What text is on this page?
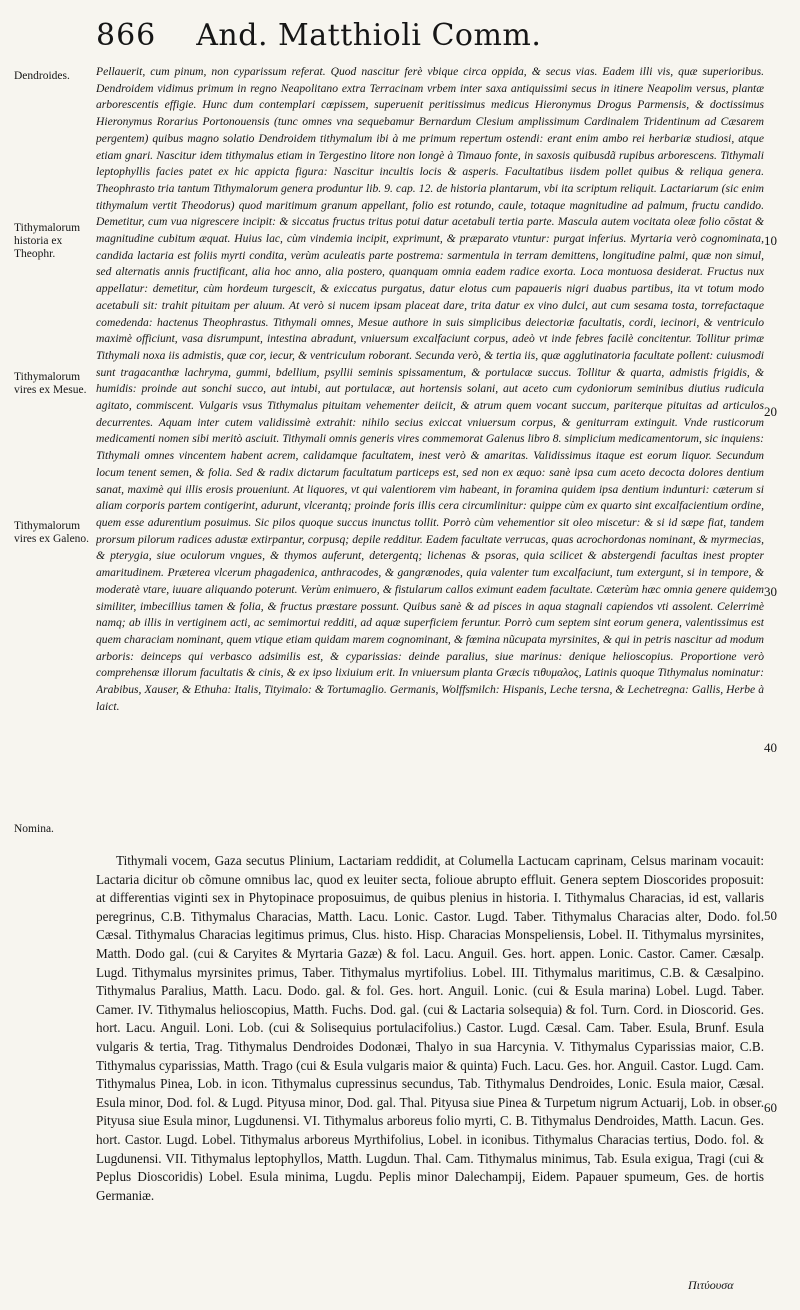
866 And. Matthioli Comm.
Dendroides.
Tithymalorum historia ex Theophr.
Tithymalorum vires ex Mesue.
Tithymalorum vires ex Galeno.
Nomina.

Pellauerit, cum pinum, non cyparissum referat. Quod nascitur ferè vbique circa oppida, & secus vias. Eadem illi vis, quæ superioribus. Dendroidem vidimus primum in regno Neapolitano extra Terracinam vrbem inter saxa antiquissimi secus in itinere Neapolim versus, plantæ arborescentis effigie. Hunc dum contemplari cœpissem, superuenit peritissimus medicus Hieronymus Drogus Parmensis, & doctissimus Hieronymus Rorarius Portonouensis (tunc omnes vna sequebamur Bernardum Clesium amplissimum Cardinalem Tridentinum ad Cæsarem pergentem) quibus magno solatio Dendroidem tithymalum ibi à me primum repertum ostendi: erant enim ambo rei herbariæ studiosi, atque etiam gnari. Nascitur idem tithymalus etiam in Tergestino litore non longè à Timauo fonte, in saxosis quibusdã rupibus arborescens. Tithymali leptophyllis facies patet ex hic appicta figura: Nascitur incultis locis & asperis. Facultatibus iisdem pollet quibus & reliqua genera. Theophrasto tria tantum Tithymalorum genera produntur lib. 9. cap. 12. de historia plantarum, vbi ita scriptum reliquit. Lactariarum (sic enim tithymalum vertit Theodorus) quod maritimum granum appellant, folio est rotundo, caule, totaque magnitudine ad palmum, fructu candido. Demetitur, cum vua nigrescere incipit: & siccatus fructus tritus potui datur acetabuli tertia parte. Mascula autem vocitata oleæ folio cōstat & magnitudine cubitum æquat. Huius lac, cùm vindemia incipit, exprimunt, & præparato vtuntur: purgat inferius. Myrtaria verò cognominata, candida lactaria est foliis myrti condita, verùm aculeatis parte postrema: sarmentula in terram demittens, longitudine palmi, quæ non simul, sed alternatis annis fructificant, alia hoc anno, alia postero, quanquam omnia eadem radice exorta. Loca montuosa desiderat. Fructus nux appellatur: demetitur, cùm hordeum turgescit, & exiccatus purgatus, datur elotus cum papaueris nigri duabus partibus, ita vt totum modo acetabuli sit: trahit pituitam per aluum. At verò si nucem ipsam placeat dare, trita datur ex vino dulci, aut cum sesama tosta, torrefactaque comedenda: hactenus Theophrastus. Tithymali omnes, Mesue authore in suis simplicibus deiectoriæ facultatis, cordi, iecinori, & ventriculo maximè officiunt, vasa disrumpunt, intestina abradunt, vniuersum excalfaciunt corpus, adeò vt inde febres facilè concitentur. Tollitur primæ Tithymali noxa iis admistis, quæ cor, iecur, & ventriculum roborant. Secunda verò, & tertia iis, quæ agglutinatoria facultate pollent: cuiusmodi sunt tragacanthæ lachryma, gummi, bdellium, psyllii seminis spissamentum, & portulacæ succus. Tollitur & quarta, admistis frigidis, & humidis: proinde aut sonchi succo, aut intubi, aut portulacæ, aut hortensis solani, aut aceto cum cydoniorum seminibus diutius rudicula agitato, commiscent. Vulgaris vsus Tithymalus pituitam vehementer deiicit, & atrum quem vocant succum, pariterque pituitas ad articulos decurrentes. Aquam inter cutem validissimè extrahit: nihilo secius exiccat vniuersum corpus, & geniturram extinguit. Vnde rusticorum medicamenti nomen sibi meritò asciuit. Tithymali omnis generis vires commemorat Galenus libro 8. simplicium medicamentorum, sic inquiens: Tithymali omnes vincentem habent acrem, calidamque facultatem, inest verò & amaritas. Validissimus itaque est eorum liquor. Secundum locum tenent semen, & folia. Sed & radix dictarum facultatum particeps est, sed non ex æquo: sanè ipsa cum aceto decocta dolores dentium sanat, maximè qui illis erosis proueniunt. At liquores, vt qui valentiorem vim habeant, in foramina quidem ipsa dentium indunturi: cæterum si aliam corporis partem contigerint, adurunt, vlcerantq; proinde foris illis cera circumlinitur: quippe cùm ex quarto sint excalfacientium ordine, quem esse adurentium posuimus. Sic pilos quoque succus inunctus tollit. Porrò cùm vehementior sit oleo miscetur: & si id sæpe fiat, tandem prorsum pilorum radices adustæ extirpantur, corpusq; depile redditur. Eadem facultate verrucas, quas acrochordonas nominant, & myrmecias, & pterygia, siue oculorum vngues, & thymos auferunt, detergentq; lichenas & psoras, quia scilicet & abstergendi facultas inest propter amaritudinem. Præterea vlcerum phagadenica, anthracodes, & gangrænodes, quia valenter tum excalfaciunt, tum extergunt, si in tempore, & moderatè vtare, iuuare aliquando poterunt. Verùm enimuero, & fistularum callos eximunt eadem facultate. Cæterùm hæc omnia genere quidem similiter, imbecillius tamen & folia, & fructus præstare possunt. Quibus sanè & ad pisces in aqua stagnali capiendos vti assolent. Celerrimè namq; ab illis in vertiginem acti, ac semimortui redditi, ad aquæ superficiem feruntur. Porrò cum septem sint eorum genera, valentissimus est quem characiam nominant, quem vtique etiam quidam marem cognominant, & fœmina nũcupata myrsinites, & qui in petris nascitur ad modum arboris: deinceps qui verbasco adsimilis est, & cyparissias: deinde paralius, siue marinus: denique helioscopius. Proportione verò comprehensæ illorum facultatis & cinis, & ex ipso lixiuium erit. In vniuersum planta Græcis τιθυμαλος, Latinis quoque Tithymalus nominatur: Arabibus, Xauser, & Ethuha: Italis, Tityimalo: & Tortumaglio. Germanis, Wolffsmilch: Hispanis, Leche tersna, & Lechetregna: Gallis, Herbe à laict.

10
20
30
40
50
60

Tithymali vocem, Gaza secutus Plinium, Lactariam reddidit, at Columella Lactucam caprinam, Celsus marinam vocauit: Lactaria dicitur ob cõmune omnibus lac, quod ex leuiter secta, folioue abrupto effluit. Genera septem Dioscorides proposuit: at differentias viginti sex in Phytopinace proposuimus, de quibus plenius in historia. I. Tithymalus Characias, id est, vallaris peregrinus, C.B. Tithymalus Characias, Matth. Lacu. Lonic. Castor. Lugd. Taber. Tithymalus Characias alter, Dodo. fol. Cæsal. Tithymalus Characias legitimus primus, Clus. histo. Hisp. Characias Monspeliensis, Lobel. II. Tithymalus myrsinites, Matth. Dodo gal. (cui & Caryites & Myrtaria Gazæ) & fol. Lacu. Anguil. Ges. hort. appen. Lonic. Castor. Camer. Cæsalp. Lugd. Tithymalus myrsinites primus, Taber. Tithymalus myrtifolius. Lobel. III. Tithymalus maritimus, C.B. & Cæsalpino. Tithymalus Paralius, Matth. Lacu. Dodo. gal. & fol. Ges. hort. Anguil. Lonic. (cui & Esula marina) Lobel. Lugd. Taber. Camer. IV. Tithymalus helioscopius, Matth. Fuchs. Dod. gal. (cui & Lactaria solsequia) & fol. Turn. Cord. in Dioscorid. Ges. hort. Lacu. Anguil. Loni. Lob. (cui & Solisequius portulacifolius.) Castor. Lugd. Cæsal. Cam. Taber. Esula, Brunf. Esula vulgaris & tertia, Trag. Tithymalus Dendroides Dodonæi, Thalyo in sua Harcynia. V. Tithymalus Cyparissias maior, C.B. Tithymalus cyparissias, Matth. Trago (cui & Esula vulgaris maior & quinta) Fuch. Lacu. Ges. hor. Anguil. Castor. Lugd. Cam. Tithymalus Pinea, Lob. in icon. Tithymalus cupressinus secundus, Tab. Tithymalus Dendroides, Lonic. Esula maior, Cæsal. Esula minor, Dod. fol. & Lugd. Pityusa minor, Dod. gal. Thal. Pityusa siue Pinea & Turpetum nigrum Actuarij, Lob. in obser. Pityusa siue Esula minor, Lugdunensi. VI. Tithymalus arboreus folio myrti, C. B. Tithymalus Dendroides, Matth. Lacun. Ges. hort. Castor. Lugd. Lobel. Tithymalus arboreus Myrthifolius, Lobel. in iconibus. Tithymalus Characias tertius, Dodo. fol. & Lugdunensi. VII. Tithymalus leptophyllos, Matth. Lugdun. Thal. Cam. Tithymalus minimus, Tab. Esula exigua, Tragi (cui & Peplus Dioscoridis) Lobel. Esula minima, Lugdu. Peplis minor Dalechampij, Eidem. Papauer spumeum, Ges. de hortis Germaniæ.

Πιτύουσα
